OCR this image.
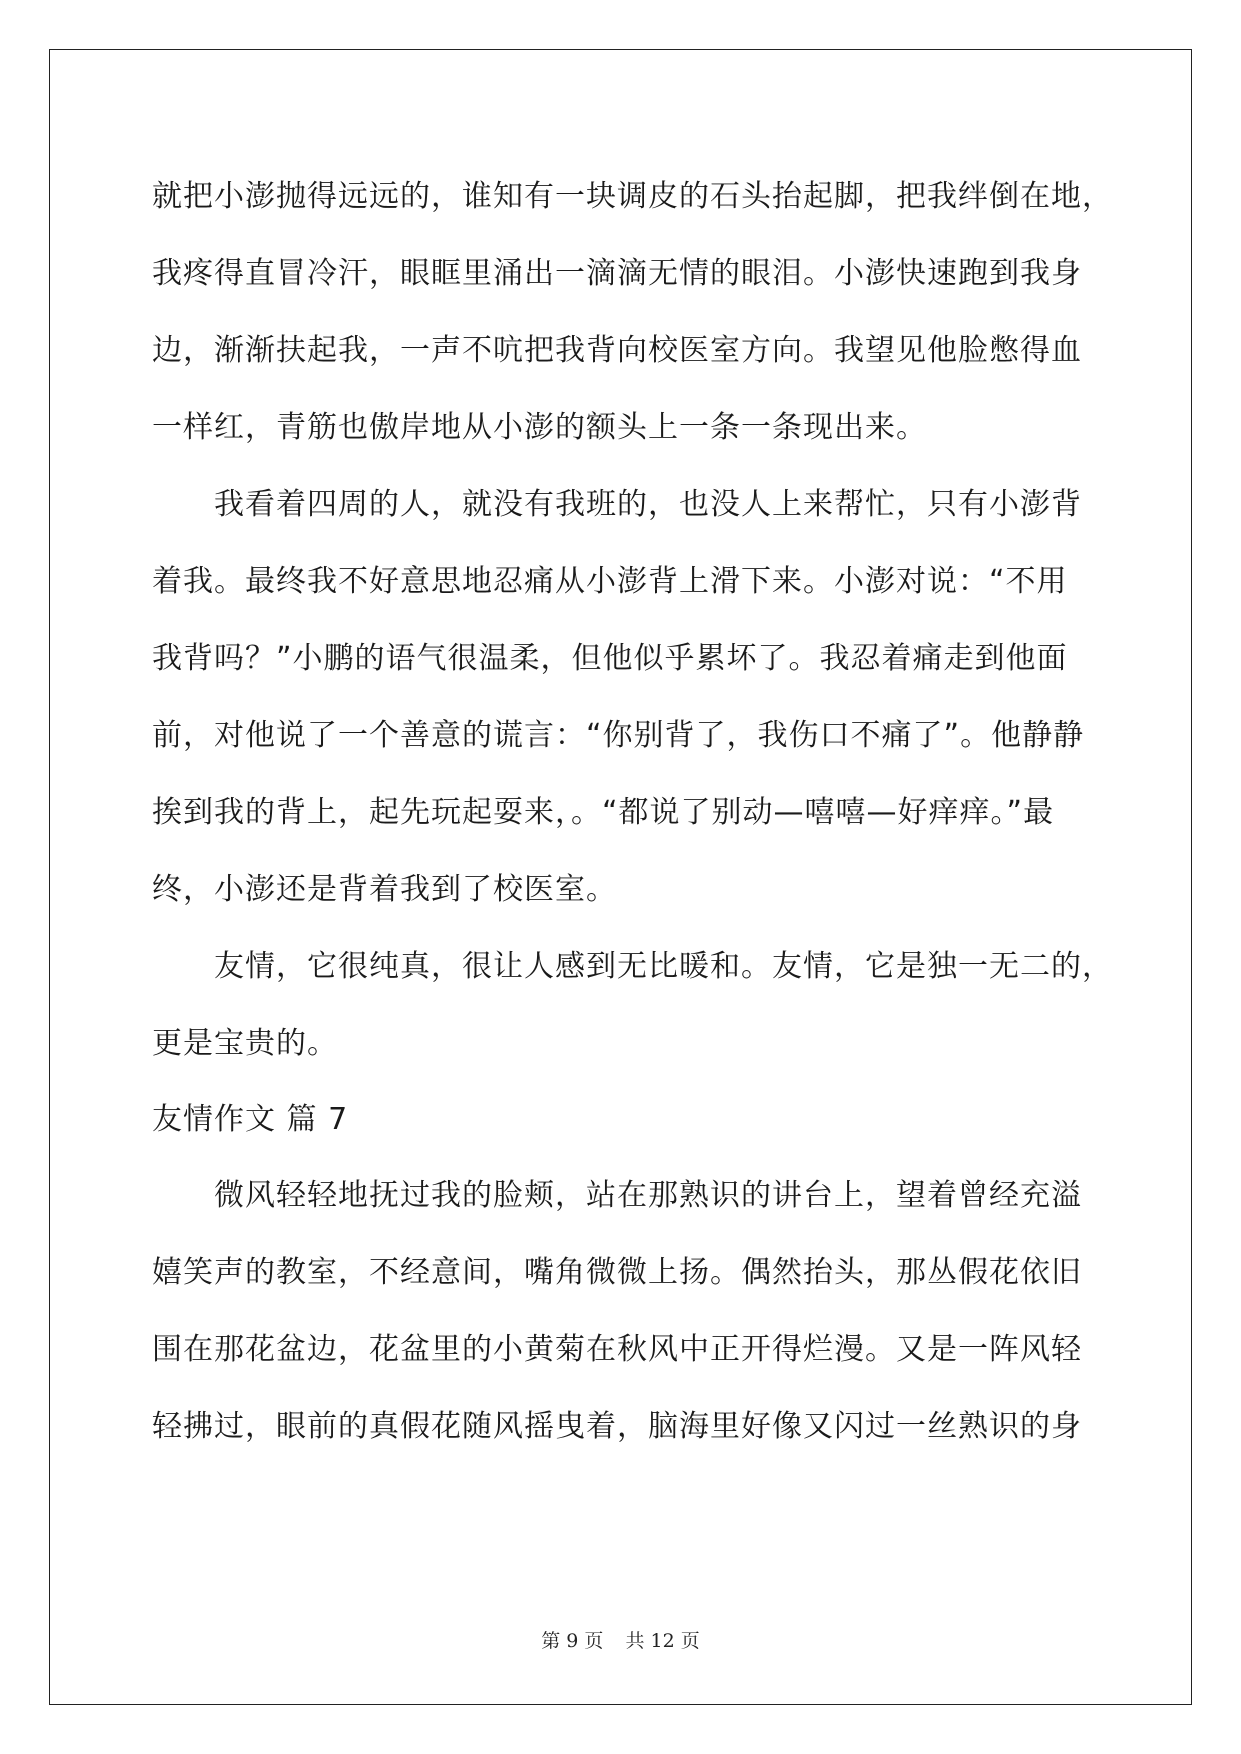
就把小澎抛得远远的，谁知有一块调皮的石头抬起脚，把我绊倒在地，
我疼得直冒冷汗，眼眶里涌出一滴滴无情的眼泪。小澎快速跑到我身
边，渐渐扶起我，一声不吭把我背向校医室方向。我望见他脸憋得血
一样红，青筋也傲岸地从小澎的额头上一条一条现出来。
我看着四周的人，就没有我班的，也没人上来帮忙，只有小澎背
着我。最终我不好意思地忍痛从小澎背上滑下来。小澎对说：“不用
我背吗？”小鹏的语气很温柔，但他似乎累坏了。我忍着痛走到他面
前，对他说了一个善意的谎言：“你别背了，我伤口不痛了”。他静静
挨到我的背上，起先玩起耍来，。“都说了别动—嘻嘻—好痒痒。”最
终，小澎还是背着我到了校医室。
友情，它很纯真，很让人感到无比暖和。友情，它是独一无二的，
更是宝贵的。
友情作文 篇 7
微风轻轻地抚过我的脸颊，站在那熟识的讲台上，望着曾经充溢
嬉笑声的教室，不经意间，嘴角微微上扬。偶然抬头，那丛假花依旧
围在那花盆边，花盆里的小黄菊在秋风中正开得烂漫。又是一阵风轻
轻拂过，眼前的真假花随风摇曳着，脑海里好像又闪过一丝熟识的身
第 9 页 共 12 页
